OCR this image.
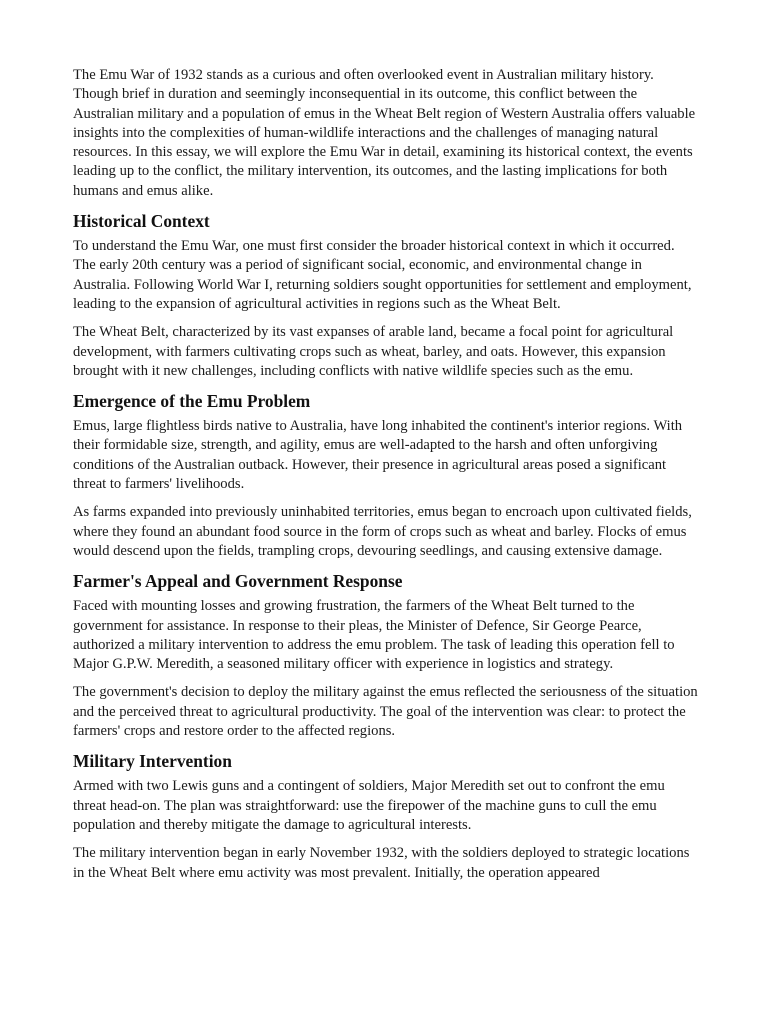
The Emu War of 1932 stands as a curious and often overlooked event in Australian military history. Though brief in duration and seemingly inconsequential in its outcome, this conflict between the Australian military and a population of emus in the Wheat Belt region of Western Australia offers valuable insights into the complexities of human-wildlife interactions and the challenges of managing natural resources. In this essay, we will explore the Emu War in detail, examining its historical context, the events leading up to the conflict, the military intervention, its outcomes, and the lasting implications for both humans and emus alike.

Historical Context

To understand the Emu War, one must first consider the broader historical context in which it occurred. The early 20th century was a period of significant social, economic, and environmental change in Australia. Following World War I, returning soldiers sought opportunities for settlement and employment, leading to the expansion of agricultural activities in regions such as the Wheat Belt.

The Wheat Belt, characterized by its vast expanses of arable land, became a focal point for agricultural development, with farmers cultivating crops such as wheat, barley, and oats. However, this expansion brought with it new challenges, including conflicts with native wildlife species such as the emu.

Emergence of the Emu Problem

Emus, large flightless birds native to Australia, have long inhabited the continent's interior regions. With their formidable size, strength, and agility, emus are well-adapted to the harsh and often unforgiving conditions of the Australian outback. However, their presence in agricultural areas posed a significant threat to farmers' livelihoods.

As farms expanded into previously uninhabited territories, emus began to encroach upon cultivated fields, where they found an abundant food source in the form of crops such as wheat and barley. Flocks of emus would descend upon the fields, trampling crops, devouring seedlings, and causing extensive damage.

Farmer's Appeal and Government Response

Faced with mounting losses and growing frustration, the farmers of the Wheat Belt turned to the government for assistance. In response to their pleas, the Minister of Defence, Sir George Pearce, authorized a military intervention to address the emu problem. The task of leading this operation fell to Major G.P.W. Meredith, a seasoned military officer with experience in logistics and strategy.

The government's decision to deploy the military against the emus reflected the seriousness of the situation and the perceived threat to agricultural productivity. The goal of the intervention was clear: to protect the farmers' crops and restore order to the affected regions.

Military Intervention

Armed with two Lewis guns and a contingent of soldiers, Major Meredith set out to confront the emu threat head-on. The plan was straightforward: use the firepower of the machine guns to cull the emu population and thereby mitigate the damage to agricultural interests.

The military intervention began in early November 1932, with the soldiers deployed to strategic locations in the Wheat Belt where emu activity was most prevalent. Initially, the operation appeared
